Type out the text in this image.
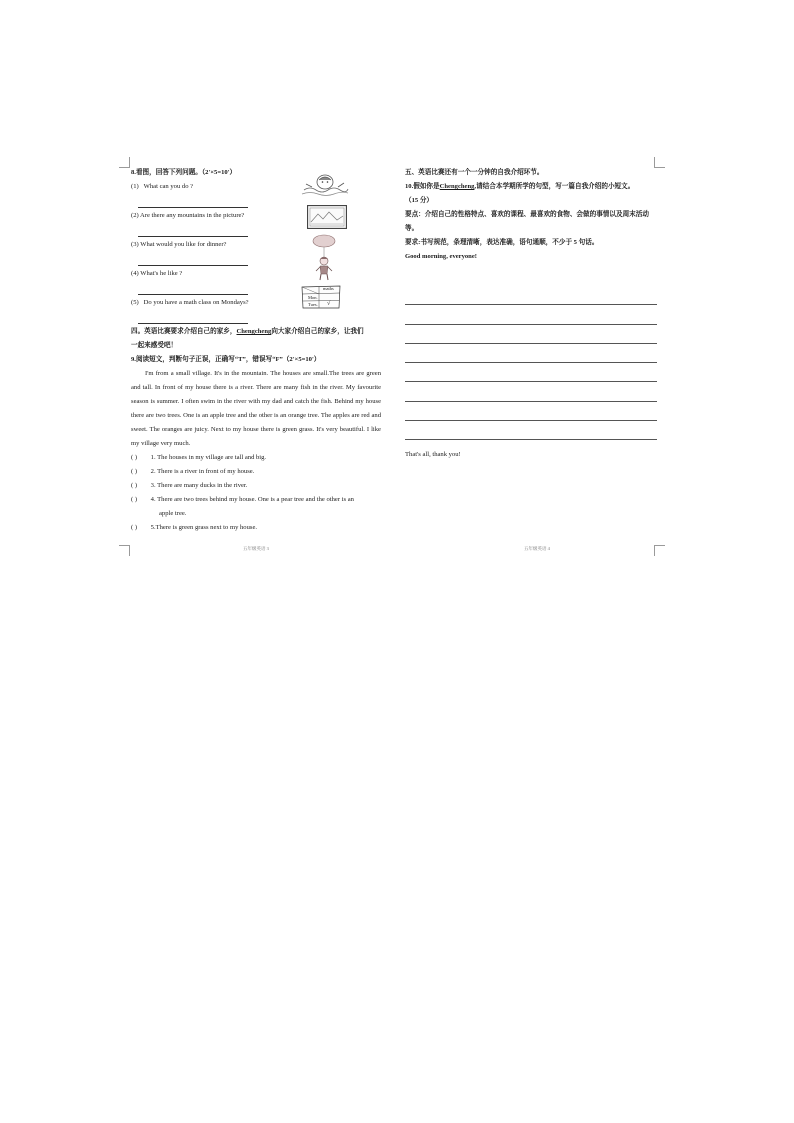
8.看图，回答下列问题。（2'×5=10'）
(1) What can you do ?
(2) Are there any mountains in the picture?
(3) What would you like for dinner?
(4) What's he like ?
(5) Do you have a math class on Mondays?
四。英语比赛要求介绍自己的家乡，Chengcheng向大家介绍自己的家乡，让我们
一起来感受吧！
9.阅读短文，判断句子正误，正确写“T”，错误写“F”（2'×5=10'）
I'm from a small village. It's in the mountain. The houses are small.The trees are green and tall. In front of my house there is a river. There are many fish in the river. My favourite season is summer. I often swim in the river with my dad and catch the fish. Behind my house there are two trees. One is an apple tree and the other is an orange tree. The apples are red and sweet. The oranges are juicy. Next to my house there is green grass. It's very beautiful. I like my village very much.
( ) 1. The houses in my village are tall and big.
( ) 2. There is a river in front of my house.
( ) 3. There are many ducks in the river.
( ) 4. There are two trees behind my house. One is a pear tree and the other is an
apple tree.
( ) 5.There is green grass next to my house.
maths
Mon.
Tues. √
五、英语比赛还有一个一分钟的自我介绍环节。
10.假如你是Chengcheng,请结合本学期所学的句型，写一篇自我介绍的小短文。
（15 分）
要点：介绍自己的性格特点、喜欢的课程、最喜欢的食物、会做的事情以及周末活动等。
要求:书写规范，条理清晰，表达准确，语句通顺，不少于 5 句话。
Good morning, everyone!
That's all, thank you!
五年级英语 3	五年级英语 4
